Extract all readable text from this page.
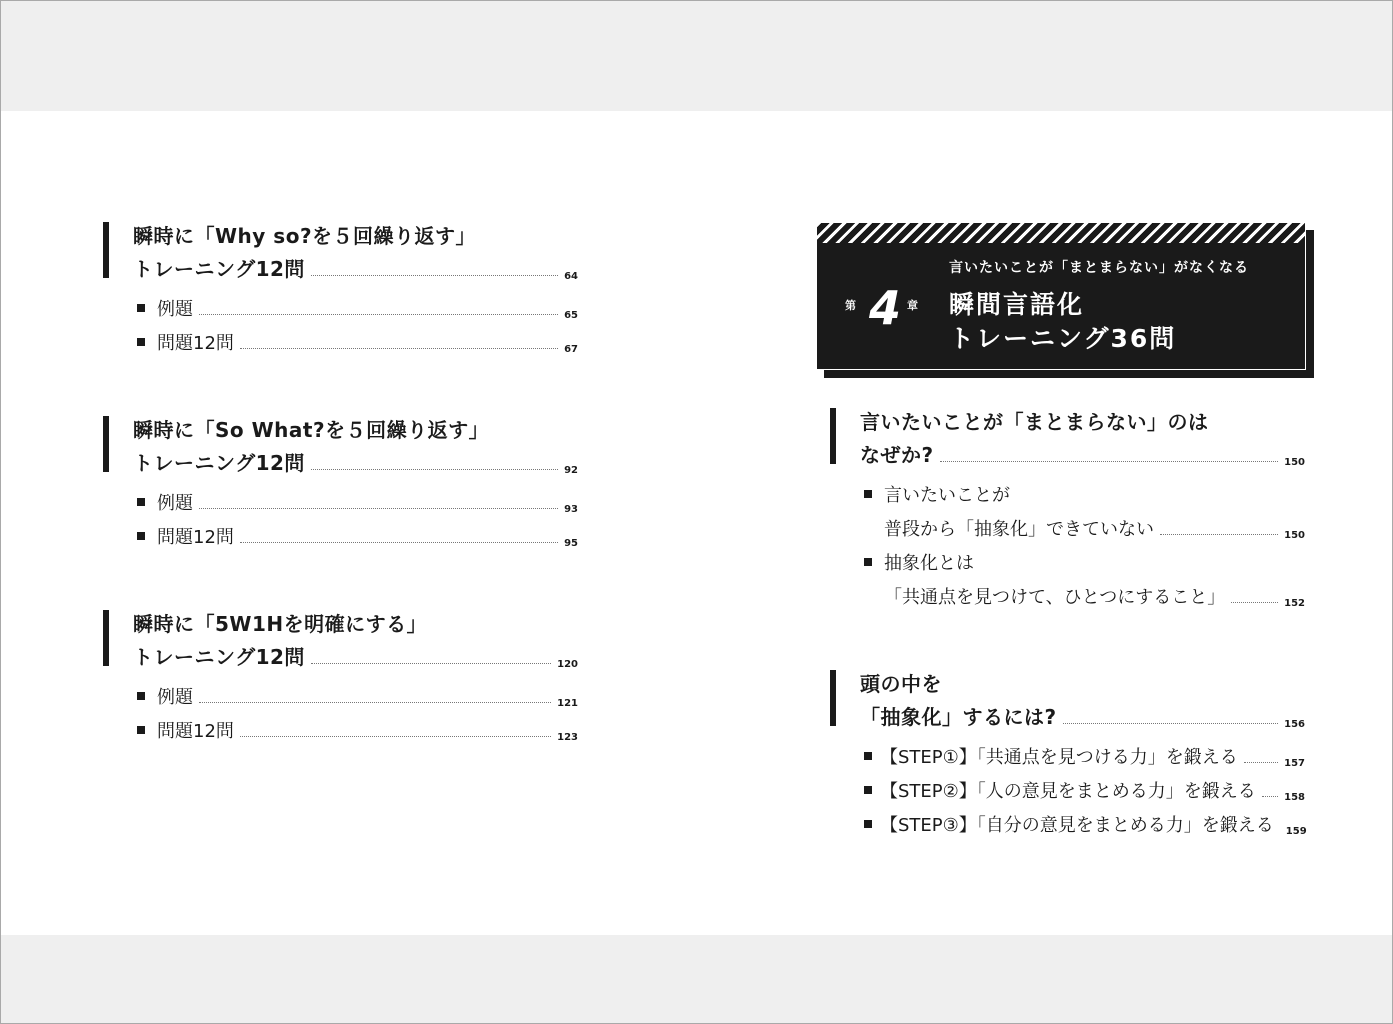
瞬時に「Why so?を５回繰り返す」
トレーニング12問	64
例題	65
問題12問	67
瞬時に「So What?を５回繰り返す」
トレーニング12問	92
例題	93
問題12問	95
瞬時に「5W1Hを明確にする」
トレーニング12問	120
例題	121
問題12問	123
第 4 章
言いたいことが「まとまらない」がなくなる
瞬間言語化
トレーニング36問
言いたいことが「まとまらない」のは
なぜか?	150
言いたいことが
普段から「抽象化」できていない	150
抽象化とは
「共通点を見つけて、ひとつにすること」	152
頭の中を
「抽象化」するには?	156
【STEP①】「共通点を見つける力」を鍛える	157
【STEP②】「人の意見をまとめる力」を鍛える	158
【STEP③】「自分の意見をまとめる力」を鍛える 159
